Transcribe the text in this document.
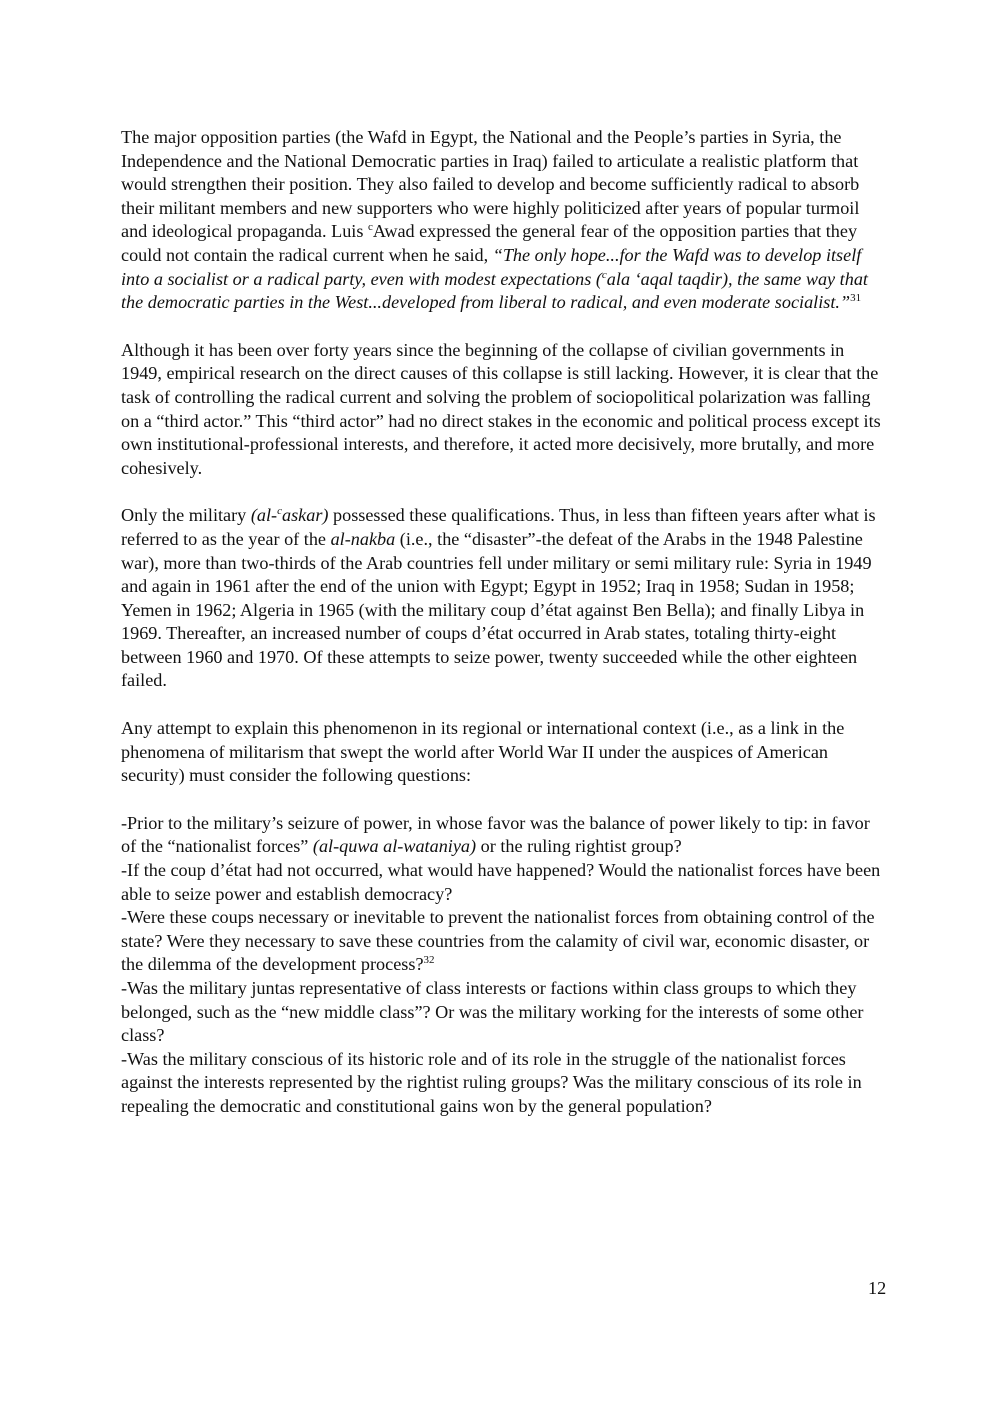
The major opposition parties (the Wafd in Egypt, the National and the People’s parties in Syria, the Independence and the National Democratic parties in Iraq) failed to articulate a realistic platform that would strengthen their position. They also failed to develop and become sufficiently radical to absorb their militant members and new supporters who were highly politicized after years of popular turmoil and ideological propaganda. Luis $^c$Awad expressed the general fear of the opposition parties that they could not contain the radical current when he said, “The only hope...for the Wafd was to develop itself into a socialist or a radical party, even with modest expectations ($^c$ala ‘aqal taqdir), the same way that the democratic parties in the West...developed from liberal to radical, and even moderate socialist.”$^{31}$

Although it has been over forty years since the beginning of the collapse of civilian governments in 1949, empirical research on the direct causes of this collapse is still lacking. However, it is clear that the task of controlling the radical current and solving the problem of sociopolitical polarization was falling on a “third actor.” This “third actor” had no direct stakes in the economic and political process except its own institutional-professional interests, and therefore, it acted more decisively, more brutally, and more cohesively.

Only the military (al-$^c$askar) possessed these qualifications. Thus, in less than fifteen years after what is referred to as the year of the al-nakba (i.e., the “disaster”-the defeat of the Arabs in the 1948 Palestine war), more than two-thirds of the Arab countries fell under military or semi military rule: Syria in 1949 and again in 1961 after the end of the union with Egypt; Egypt in 1952; Iraq in 1958; Sudan in 1958; Yemen in 1962; Algeria in 1965 (with the military coup d’état against Ben Bella); and finally Libya in 1969. Thereafter, an increased number of coups d’état occurred in Arab states, totaling thirty-eight between 1960 and 1970. Of these attempts to seize power, twenty succeeded while the other eighteen failed.

Any attempt to explain this phenomenon in its regional or international context (i.e., as a link in the phenomena of militarism that swept the world after World War II under the auspices of American security) must consider the following questions:

-Prior to the military’s seizure of power, in whose favor was the balance of power likely to tip: in favor of the “nationalist forces” (al-quwa al-wataniya) or the ruling rightist group?

-If the coup d’état had not occurred, what would have happened? Would the nationalist forces have been able to seize power and establish democracy?

-Were these coups necessary or inevitable to prevent the nationalist forces from obtaining control of the state? Were they necessary to save these countries from the calamity of civil war, economic disaster, or the dilemma of the development process?$^{32}$

-Was the military juntas representative of class interests or factions within class groups to which they belonged, such as the “new middle class”? Or was the military working for the interests of some other class?

-Was the military conscious of its historic role and of its role in the struggle of the nationalist forces against the interests represented by the rightist ruling groups? Was the military conscious of its role in repealing the democratic and constitutional gains won by the general population?

12
